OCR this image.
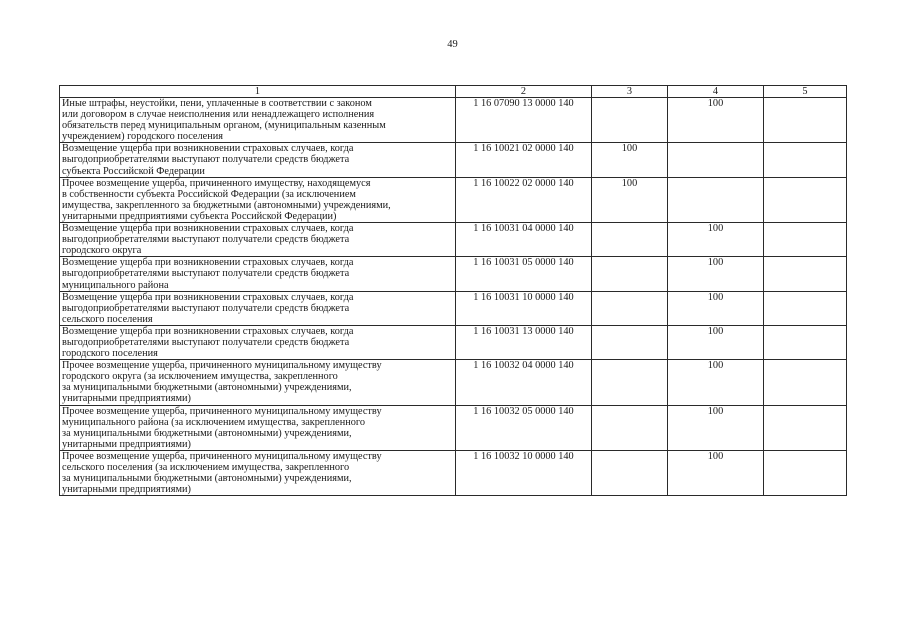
49
1	2	3	4	5
Иные штрафы, неустойки, пени, уплаченные в соответствии с законом
или договором в случае неисполнения или ненадлежащего исполнения
обязательств перед муниципальным органом, (муниципальным казенным
учреждением) городского поселения	1 16 07090 13 0000 140		100	
Возмещение ущерба при возникновении страховых случаев, когда
выгодоприобретателями выступают получатели средств бюджета
субъекта Российской Федерации	1 16 10021 02 0000 140	100		
Прочее возмещение ущерба, причиненного имуществу, находящемуся
в собственности субъекта Российской Федерации (за исключением
имущества, закрепленного за бюджетными (автономными) учреждениями,
унитарными предприятиями субъекта Российской Федерации)	1 16 10022 02 0000 140	100		
Возмещение ущерба при возникновении страховых случаев, когда
выгодоприобретателями выступают получатели средств бюджета
городского округа	1 16 10031 04 0000 140		100	
Возмещение ущерба при возникновении страховых случаев, когда
выгодоприобретателями выступают получатели средств бюджета
муниципального района	1 16 10031 05 0000 140		100	
Возмещение ущерба при возникновении страховых случаев, когда
выгодоприобретателями выступают получатели средств бюджета
сельского поселения	1 16 10031 10 0000 140		100	
Возмещение ущерба при возникновении страховых случаев, когда
выгодоприобретателями выступают получатели средств бюджета
городского поселения	1 16 10031 13 0000 140		100	
Прочее возмещение ущерба, причиненного муниципальному имуществу
городского округа (за исключением имущества, закрепленного
за муниципальными бюджетными (автономными) учреждениями,
унитарными предприятиями)	1 16 10032 04 0000 140		100	
Прочее возмещение ущерба, причиненного муниципальному имуществу
муниципального района (за исключением имущества, закрепленного
за муниципальными бюджетными (автономными) учреждениями,
унитарными предприятиями)	1 16 10032 05 0000 140		100	
Прочее возмещение ущерба, причиненного муниципальному имуществу
сельского поселения (за исключением имущества, закрепленного
за муниципальными бюджетными (автономными) учреждениями,
унитарными предприятиями)	1 16 10032 10 0000 140		100	
